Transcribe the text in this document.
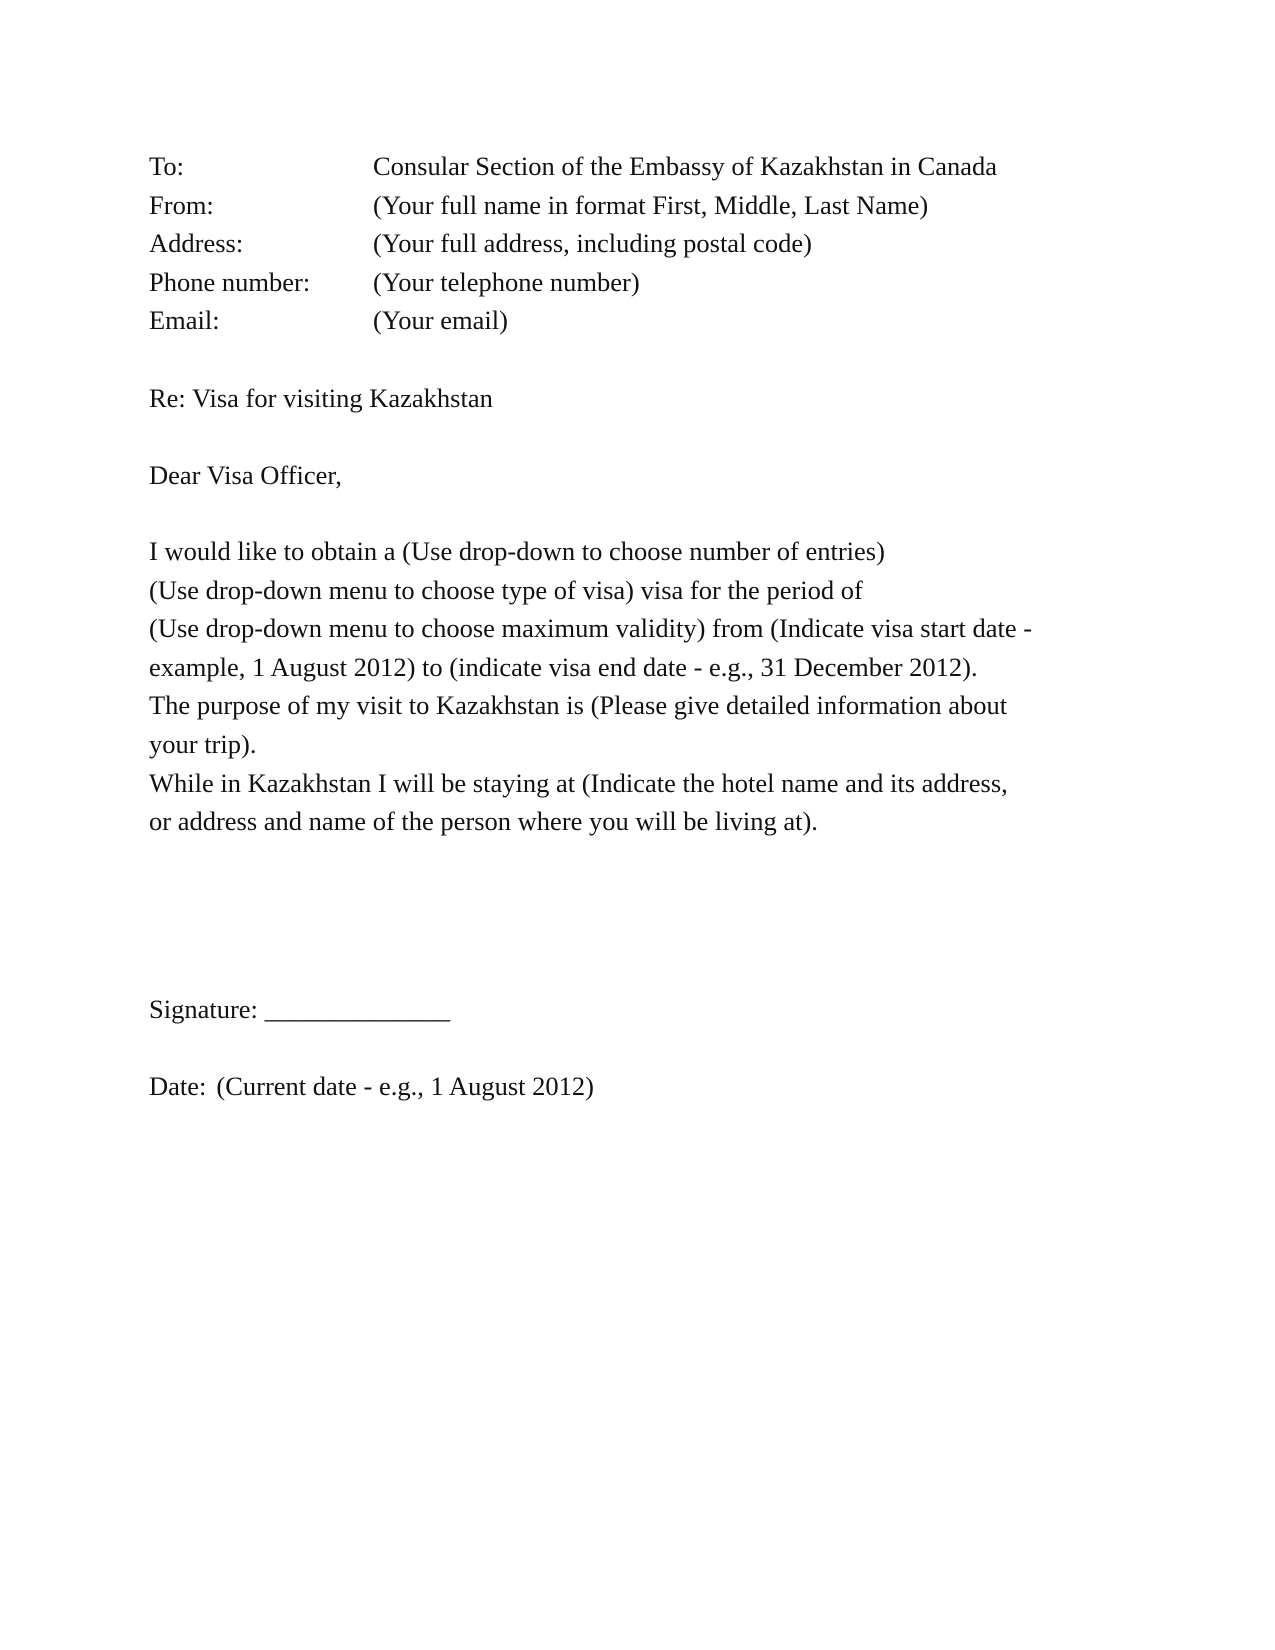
To:	Consular Section of the Embassy of Kazakhstan in Canada
From:	(Your full name in format First, Middle, Last Name)
Address:	(Your full address, including postal code)
Phone number:	(Your telephone number)
Email:	(Your email)
Re: Visa for visiting Kazakhstan
Dear Visa Officer,
I would like to obtain a (Use drop-down to choose number of entries)
(Use drop-down menu to choose type of visa) visa for the period of
(Use drop-down menu to choose maximum validity) from (Indicate visa start date -
example, 1 August 2012) to (indicate visa end date - e.g., 31 December 2012).
The purpose of my visit to Kazakhstan is (Please give detailed information about
your trip).
While in Kazakhstan I will be staying at (Indicate the hotel name and its address,
or address and name of the person where you will be living at).
Signature: ______________
Date: (Current date - e.g., 1 August 2012)
